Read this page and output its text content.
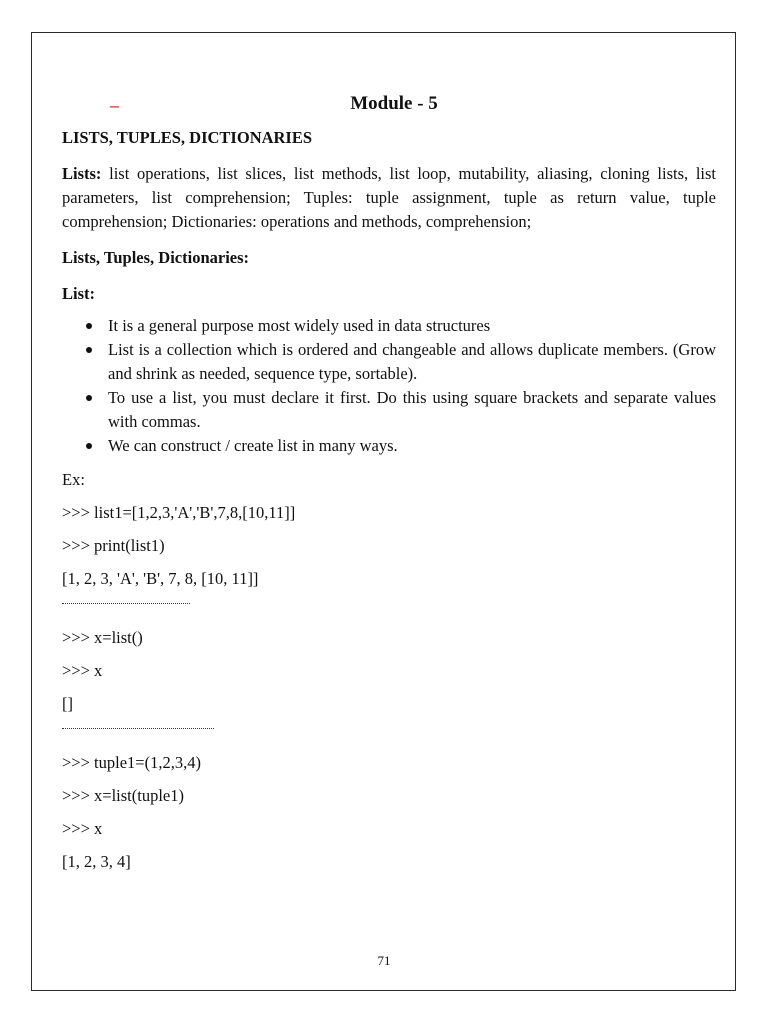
–	Module - 5
LISTS, TUPLES, DICTIONARIES

Lists: list operations, list slices, list methods, list loop, mutability, aliasing, cloning lists, list parameters, list comprehension; Tuples: tuple assignment, tuple as return value, tuple comprehension; Dictionaries: operations and methods, comprehension;

Lists, Tuples, Dictionaries:
List:
It is a general purpose most widely used in data structures
List is a collection which is ordered and changeable and allows duplicate members. (Grow and shrink as needed, sequence type, sortable).
To use a list, you must declare it first. Do this using square brackets and separate values with commas.
We can construct / create list in many ways.
Ex:
>>> list1=[1,2,3,'A','B',7,8,[10,11]]
>>> print(list1)
[1, 2, 3, 'A', 'B', 7, 8, [10, 11]]
>>> x=list()
>>> x
[]
>>> tuple1=(1,2,3,4)
>>> x=list(tuple1)
>>> x
[1, 2, 3, 4]
71
